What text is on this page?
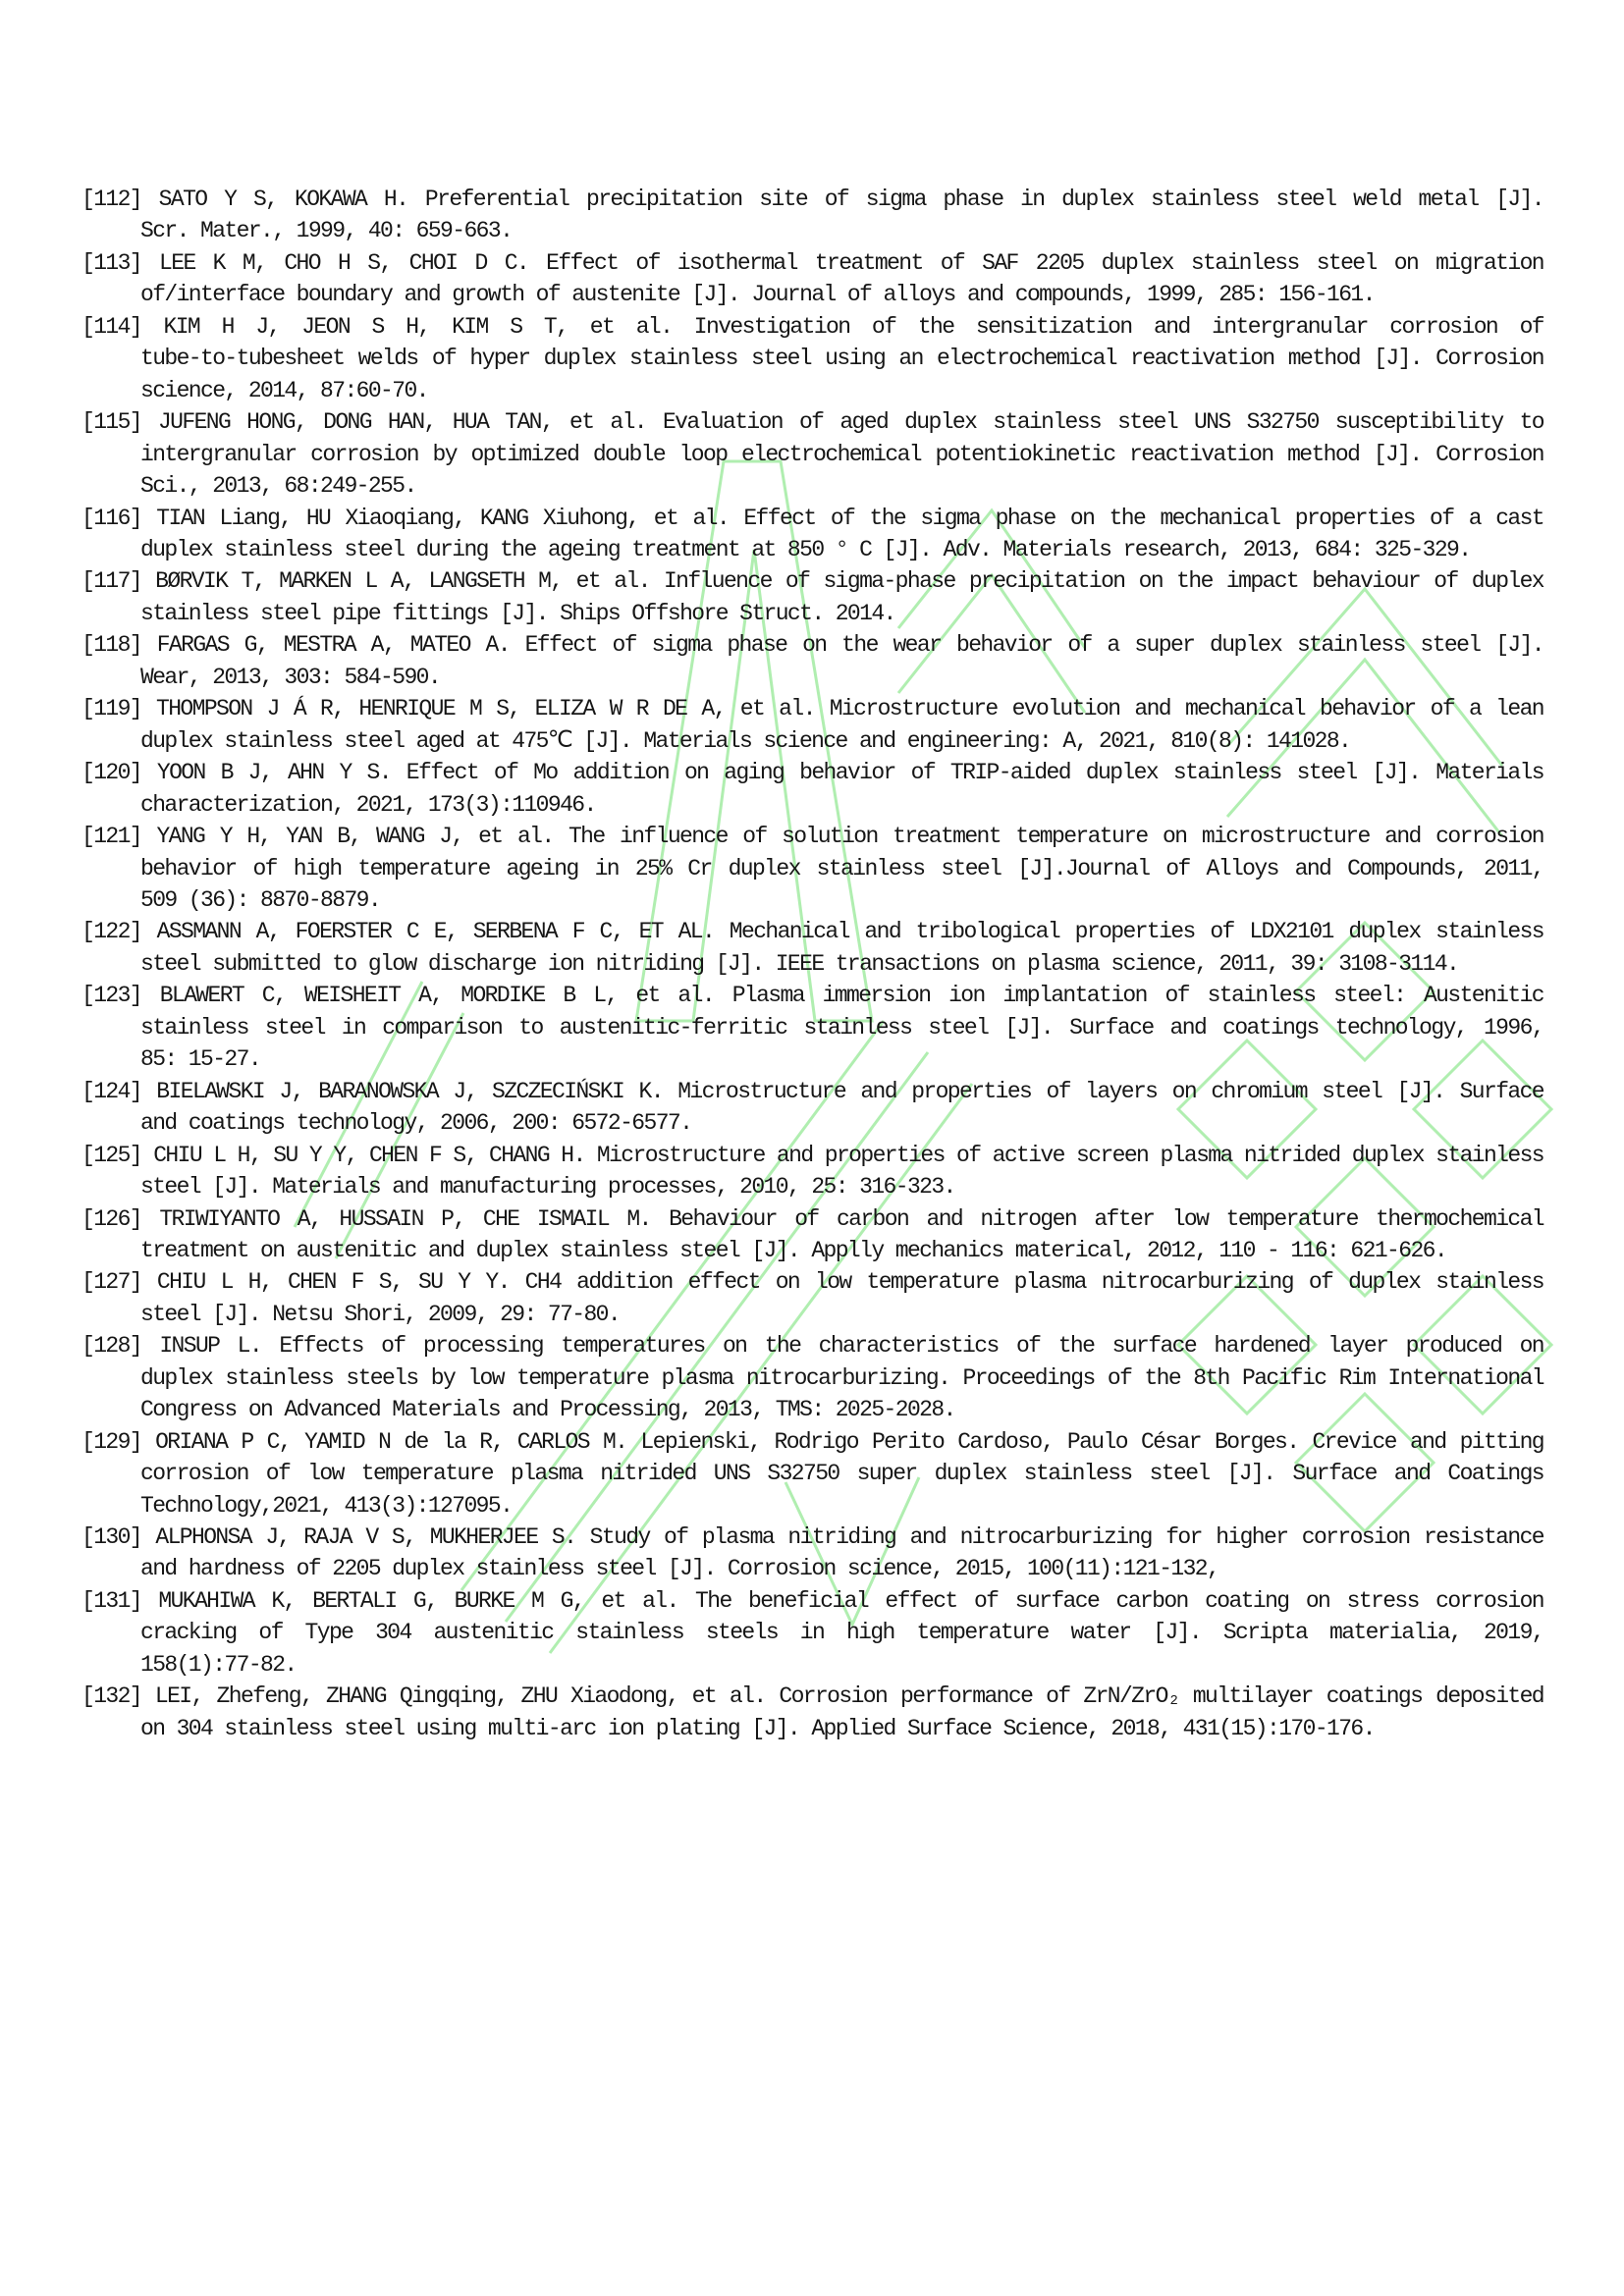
[112] SATO Y S, KOKAWA H. Preferential precipitation site of sigma phase in duplex stainless steel weld metal [J].
Scr. Mater., 1999, 40: 659-663.
[113] LEE K M, CHO H S, CHOI D C. Effect of isothermal treatment of SAF 2205 duplex stainless steel on migration
of/interface boundary and growth of austenite [J]. Journal of alloys and compounds, 1999, 285: 156-161.
[114] KIM H J, JEON S H, KIM S T, et al. Investigation of the sensitization and intergranular corrosion of
tube-to-tubesheet welds of hyper duplex stainless steel using an electrochemical reactivation method [J]. Corrosion
science, 2014, 87:60-70.
[115] JUFENG HONG, DONG HAN, HUA TAN, et al. Evaluation of aged duplex stainless steel UNS S32750 susceptibility to
intergranular corrosion by optimized double loop electrochemical potentiokinetic reactivation method [J]. Corrosion
Sci., 2013, 68:249-255.
[116] TIAN Liang, HU Xiaoqiang, KANG Xiuhong, et al. Effect of the sigma phase on the mechanical properties of a cast
duplex stainless steel during the ageing treatment at 850 ° C [J]. Adv. Materials research, 2013, 684: 325-329.
[117] BØRVIK T, MARKEN L A, LANGSETH M, et al. Influence of sigma-phase precipitation on the impact behaviour of duplex
stainless steel pipe fittings [J]. Ships Offshore Struct. 2014.
[118] FARGAS G, MESTRA A, MATEO A. Effect of sigma phase on the wear behavior of a super duplex stainless steel [J].
Wear, 2013, 303: 584-590.
[119] THOMPSON J Á R, HENRIQUE M S, ELIZA W R DE A, et al. Microstructure evolution and mechanical behavior of a lean
duplex stainless steel aged at 475℃ [J]. Materials science and engineering: A, 2021, 810(8): 141028.
[120] YOON B J, AHN Y S. Effect of Mo addition on aging behavior of TRIP-aided duplex stainless steel [J]. Materials
characterization, 2021, 173(3):110946.
[121] YANG Y H, YAN B, WANG J, et al. The influence of solution treatment temperature on microstructure and corrosion
behavior of high temperature ageing in 25% Cr duplex stainless steel [J].Journal of Alloys and Compounds, 2011,
509 (36): 8870-8879.
[122] ASSMANN A, FOERSTER C E, SERBENA F C, ET AL. Mechanical and tribological properties of LDX2101 duplex stainless
steel submitted to glow discharge ion nitriding [J]. IEEE transactions on plasma science, 2011, 39: 3108-3114.
[123] BLAWERT C, WEISHEIT A, MORDIKE B L, et al. Plasma immersion ion implantation of stainless steel: Austenitic
stainless steel in comparison to austenitic-ferritic stainless steel [J]. Surface and coatings technology, 1996,
85: 15-27.
[124] BIELAWSKI J, BARANOWSKA J, SZCZECIŃSKI K. Microstructure and properties of layers on chromium steel [J]. Surface
and coatings technology, 2006, 200: 6572-6577.
[125] CHIU L H, SU Y Y, CHEN F S, CHANG H. Microstructure and properties of active screen plasma nitrided duplex stainless
steel [J]. Materials and manufacturing processes, 2010, 25: 316-323.
[126] TRIWIYANTO A, HUSSAIN P, CHE ISMAIL M. Behaviour of carbon and nitrogen after low temperature thermochemical
treatment on austenitic and duplex stainless steel [J]. Applly mechanics materical, 2012, 110 - 116: 621-626.
[127] CHIU L H, CHEN F S, SU Y Y. CH4 addition effect on low temperature plasma nitrocarburizing of duplex stainless
steel [J]. Netsu Shori, 2009, 29: 77-80.
[128] INSUP L. Effects of processing temperatures on the characteristics of the surface hardened layer produced on
duplex stainless steels by low temperature plasma nitrocarburizing. Proceedings of the 8th Pacific Rim International
Congress on Advanced Materials and Processing, 2013, TMS: 2025-2028.
[129] ORIANA P C, YAMID N de la R, CARLOS M. Lepienski, Rodrigo Perito Cardoso, Paulo César Borges. Crevice and pitting
corrosion of low temperature plasma nitrided UNS S32750 super duplex stainless steel [J]. Surface and Coatings
Technology,2021, 413(3):127095.
[130] ALPHONSA J, RAJA V S, MUKHERJEE S. Study of plasma nitriding and nitrocarburizing for higher corrosion resistance
and hardness of 2205 duplex stainless steel [J]. Corrosion science, 2015, 100(11):121-132,
[131] MUKAHIWA K, BERTALI G, BURKE M G, et al. The beneficial effect of surface carbon coating on stress corrosion
cracking of Type 304 austenitic stainless steels in high temperature water [J]. Scripta materialia, 2019,
158(1):77-82.
[132] LEI, Zhefeng, ZHANG Qingqing, ZHU Xiaodong, et al. Corrosion performance of ZrN/ZrO₂ multilayer coatings deposited
on 304 stainless steel using multi-arc ion plating [J]. Applied Surface Science, 2018, 431(15):170-176.
